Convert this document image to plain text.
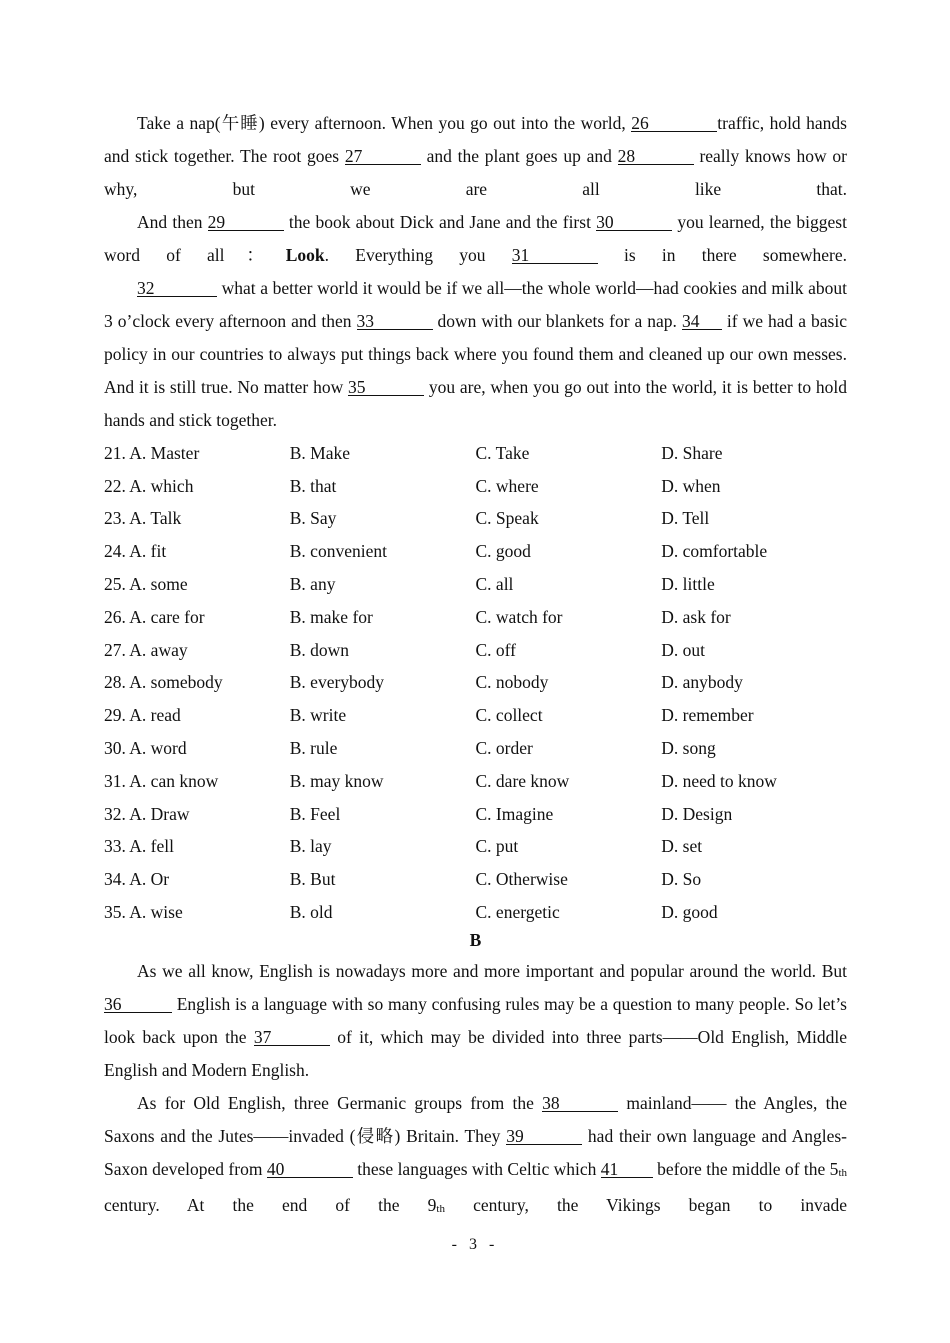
Take a nap(午睡) every afternoon. When you go out into the world, 26	traffic, hold hands and stick together. The root goes 27	and the plant goes up and 28	really knows how or why, but we are all like that.

And then 29	the book about Dick and Jane and the first 30	you learned, the biggest word of all：Look. Everything you 31	is in there somewhere.

32	what a better world it would be if we all—the whole world—had cookies and milk about 3 o’clock every afternoon and then 33	down with our blankets for a nap. 34 if we had a basic policy in our countries to always put things back where you found them and cleaned up our own messes. And it is still true. No matter how 35	you are, when you go out into the world, it is better to hold hands and stick together.

21. A. Master	B. Make	C. Take	D. Share
22. A. which	B. that	C. where	D. when
23. A. Talk	B. Say	C. Speak	D. Tell
24. A. fit	B. convenient	C. good	D. comfortable
25. A. some	B. any	C. all	D. little
26. A. care for	B. make for	C. watch for	D. ask for
27. A. away	B. down	C. off	D. out
28. A. somebody	B. everybody	C. nobody	D. anybody
29. A. read	B. write	C. collect	D. remember
30. A. word	B. rule	C. order	D. song
31. A. can know	B. may know	C. dare know	D. need to know
32. A. Draw	B. Feel	C. Imagine	D. Design
33. A. fell	B. lay	C. put	D. set
34. A. Or	B. But	C. Otherwise	D. So
35. A. wise	B. old	C. energetic	D. good
B

As we all know, English is nowadays more and more important and popular around the world. But 36	English is a language with so many confusing rules may be a question to many people. So let’s look back upon the 37	of it, which may be divided into three parts——Old English, Middle English and Modern English.

As for Old English, three Germanic groups from the 38	mainland—— the Angles, the Saxons and the Jutes——invaded (侵略) Britain. They 39	had their own language and Angles-Saxon developed from 40	these languages with Celtic which 41 before the middle of the $5_{th}$ century. At the end of the $9_{th}$ century, the Vikings began to invade

- 3 -
